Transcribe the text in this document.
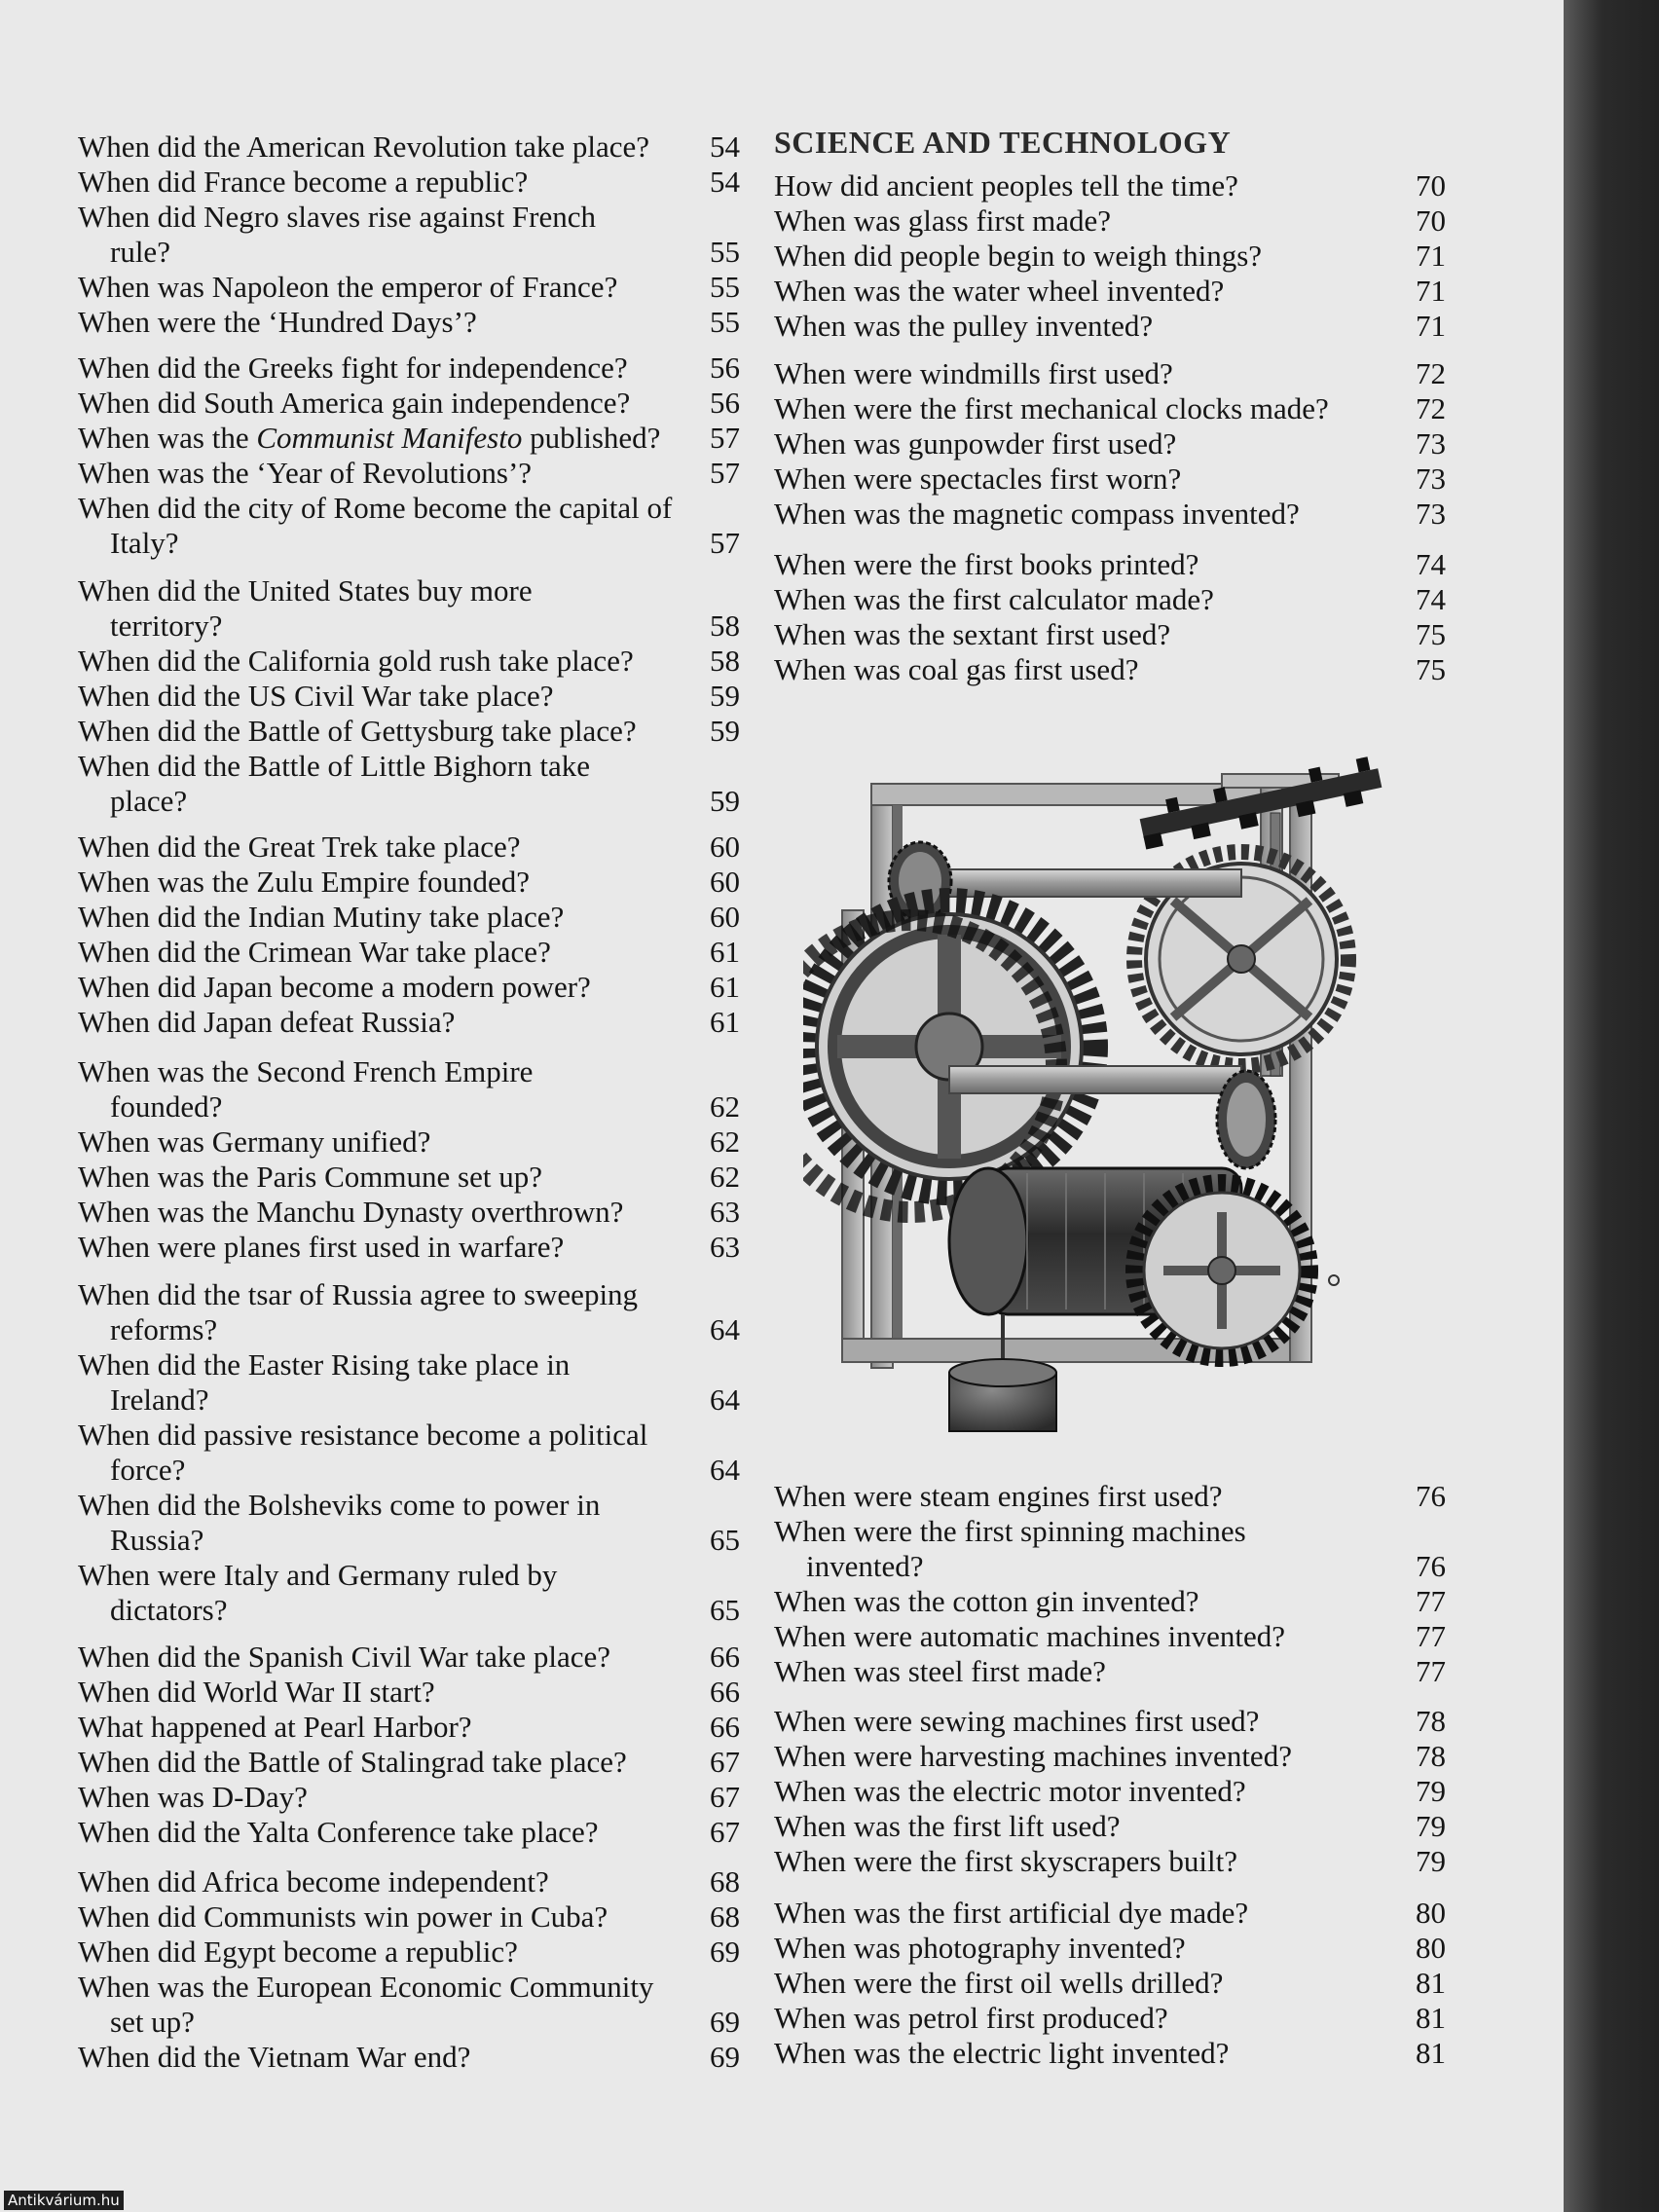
When did the American Revolution take place? 54
When did France become a republic?	54
When did Negro slaves rise against French
rule?	55
When was Napoleon the emperor of France?	55
When were the ‘Hundred Days’?	55
When did the Greeks fight for independence?	56
When did South America gain independence?	56
When was the Communist Manifesto published? 57
When was the ‘Year of Revolutions’?	57
When did the city of Rome become the capital of
Italy?	57
When did the United States buy more
territory?	58
When did the California gold rush take place?	58
When did the US Civil War take place?	59
When did the Battle of Gettysburg take place? 59
When did the Battle of Little Bighorn take
place?	59
When did the Great Trek take place?	60
When was the Zulu Empire founded?	60
When did the Indian Mutiny take place?	60
When did the Crimean War take place?	61
When did Japan become a modern power?	61
When did Japan defeat Russia?	61
When was the Second French Empire
founded?	62
When was Germany unified?	62
When was the Paris Commune set up?	62
When was the Manchu Dynasty overthrown?	63
When were planes first used in warfare?	63
When did the tsar of Russia agree to sweeping
reforms?	64
When did the Easter Rising take place in
Ireland?	64
When did passive resistance become a political
force?	64
When did the Bolsheviks come to power in
Russia?	65
When were Italy and Germany ruled by
dictators?	65
When did the Spanish Civil War take place?	66
When did World War II start?	66
What happened at Pearl Harbor?	66
When did the Battle of Stalingrad take place?	67
When was D-Day?	67
When did the Yalta Conference take place?	67
When did Africa become independent?	68
When did Communists win power in Cuba?	68
When did Egypt become a republic?	69
When was the European Economic Community
set up?	69
When did the Vietnam War end?	69
SCIENCE AND TECHNOLOGY
How did ancient peoples tell the time?	70
When was glass first made?	70
When did people begin to weigh things?	71
When was the water wheel invented?	71
When was the pulley invented?	71
When were windmills first used?	72
When were the first mechanical clocks made?	72
When was gunpowder first used?	73
When were spectacles first worn?	73
When was the magnetic compass invented?	73
When were the first books printed?	74
When was the first calculator made?	74
When was the sextant first used?	75
When was coal gas first used?	75
When were steam engines first used?	76
When were the first spinning machines
invented?	76
When was the cotton gin invented?	77
When were automatic machines invented?	77
When was steel first made?	77
When were sewing machines first used?	78
When were harvesting machines invented?	78
When was the electric motor invented?	79
When was the first lift used?	79
When were the first skyscrapers built?	79
When was the first artificial dye made?	80
When was photography invented?	80
When were the first oil wells drilled?	81
When was petrol first produced?	81
When was the electric light invented?	81
Antikvárium.hu
